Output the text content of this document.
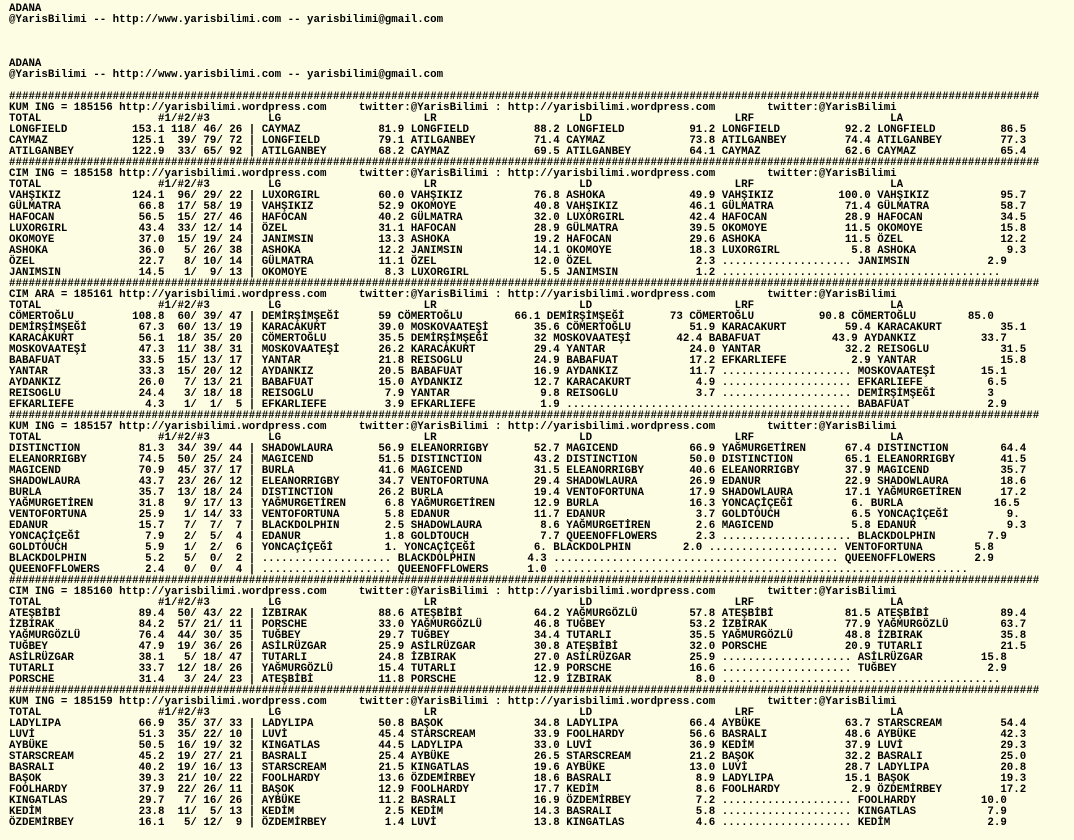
ADANA
@YarisBilimi -- http://www.yarisbilimi.com -- yarisbilimi@gmail.com
ADANA
@YarisBilimi -- http://www.yarisbilimi.com -- yarisbilimi@gmail.com
###############################################################################################################################################################
KUM ING = 185156 http://yarisbilimi.wordpress.com     twitter:@YarisBilimi : http://yarisbilimi.wordpress.com        twitter:@YarisBilimi
TOTAL                  #1/#2/#3         LG                      LR                      LD                      LRF                     LA
LONGFIELD          153.1 118/ 46/ 26 | CAYMAZ            81.9 LONGFIELD          88.2 LONGFIELD          91.2 LONGFIELD          92.2 LONGFIELD          86.5
CAYMAZ             125.1  39/ 79/ 72 | LONGFIELD         79.1 ATILGANBEY         71.4 CAYMAZ             73.8 ATILGANBEY         74.4 ATILGANBEY         77.3
ATILGANBEY         122.9  33/ 65/ 92 | ATILGANBEY        68.2 CAYMAZ             69.5 ATILGANBEY         64.1 CAYMAZ             62.6 CAYMAZ             65.4
###############################################################################################################################################################
CIM ING = 185158 http://yarisbilimi.wordpress.com     twitter:@YarisBilimi : http://yarisbilimi.wordpress.com        twitter:@YarisBilimi
TOTAL                  #1/#2/#3         LG                      LR                      LD                      LRF                     LA
VAHŞIKIZ           124.1  96/ 29/ 22 | LUXORGIRL         60.0 VAHŞIKIZ           76.8 ASHOKA             49.9 VAHŞIKIZ          100.0 VAHŞIKIZ           95.7
GÜLMATRA            66.8  17/ 58/ 19 | VAHŞIKIZ          52.9 OKOMOYE            40.8 VAHŞIKIZ           46.1 GÜLMATRA           71.4 GÜLMATRA           58.7
HAFOCAN             56.5  15/ 27/ 46 | HAFOCAN           40.2 GÜLMATRA           32.0 LUXORGIRL          42.4 HAFOCAN            28.9 HAFOCAN            34.5
LUXORGIRL           43.4  33/ 12/ 14 | ÖZEL              31.1 HAFOCAN            28.9 GÜLMATRA           39.5 OKOMOYE            11.5 OKOMOYE            15.8
OKOMOYE             37.0  15/ 19/ 24 | JANIMSIN          13.3 ASHOKA             19.2 HAFOCAN            29.6 ASHOKA             11.5 ÖZEL               12.2
ASHOKA              36.0   5/ 26/ 38 | ASHOKA            12.2 JANIMSIN           14.1 OKOMOYE            18.3 LUXORGIRL           5.8 ASHOKA              9.3
ÖZEL                22.7   8/ 10/ 14 | GÜLMATRA          11.1 ÖZEL               12.0 ÖZEL                2.3 .................... JANIMSIN            2.9
JANIMSIN            14.5   1/  9/ 13 | OKOMOYE            8.3 LUXORGIRL           5.5 JANIMSIN            1.2 ...........................................
###############################################################################################################################################################
CIM ARA = 185161 http://yarisbilimi.wordpress.com     twitter:@YarisBilimi : http://yarisbilimi.wordpress.com        twitter:@YarisBilimi
TOTAL                  #1/#2/#3         LG                      LR                      LD                      LRF                     LA
CÖMERTOĞLU         108.8  60/ 39/ 47 | DEMİRŞİMŞEĞİ      59 CÖMERTOĞLU        66.1 DEMİRŞİMŞEĞİ       73 CÖMERTOĞLU          90.8 CÖMERTOĞLU        85.0
DEMİRŞİMŞEĞİ        67.3  60/ 13/ 19 | KARACAKURT        39.0 MOSKOVAATEŞİ       35.6 CÖMERTOĞLU         51.9 KARACAKURT         59.4 KARACAKURT         35.1
KARACAKURT          56.1  18/ 35/ 20 | CÖMERTOĞLU        35.5 DEMİRŞİMŞEĞİ       32 MOSKOVAATEŞİ       42.4 BABAFUAT           43.9 AYDANKIZ          33.7
MOSKOVAATEŞİ        47.3  11/ 38/ 31 | MOSKOVAATEŞİ      26.2 KARACAKURT         29.4 YANTAR             24.0 YANTAR             32.2 REISOGLU           31.5
BABAFUAT            33.5  15/ 13/ 17 | YANTAR            21.8 REISOGLU           24.9 BABAFUAT           17.2 EFKARLIEFE          2.9 YANTAR             15.8
YANTAR              33.3  15/ 20/ 12 | AYDANKIZ          20.5 BABAFUAT           16.9 AYDANKIZ           11.7 .................... MOSKOVAATEŞİ       15.1
AYDANKIZ            26.0   7/ 13/ 21 | BABAFUAT          15.0 AYDANKIZ           12.7 KARACAKURT          4.9 .................... EFKARLIEFE          6.5
REISOGLU            24.4   3/ 18/ 18 | REISOGLU           7.9 YANTAR              9.8 REISOGLU            3.7 .................... DEMİRŞİMŞEĞİ        3
EFKARLIEFE           4.3   1/  1/  5 | EFKARLIEFE         3.9 EFKARLIEFE          1.9 ............................................ BABAFUAT            2.9
###############################################################################################################################################################
KUM ING = 185157 http://yarisbilimi.wordpress.com     twitter:@YarisBilimi : http://yarisbilimi.wordpress.com        twitter:@YarisBilimi
TOTAL                  #1/#2/#3         LG                      LR                      LD                      LRF                     LA
DISTINCTION         81.3  34/ 39/ 44 | SHADOWLAURA       56.9 ELEANORRIGBY       52.7 MAGICEND           66.9 YAĞMURGETİREN      67.4 DISTINCTION        64.4
ELEANORRIGBY        74.5  50/ 25/ 24 | MAGICEND          51.5 DISTINCTION        43.2 DISTINCTION        50.0 DISTINCTION        65.1 ELEANORRIGBY       41.5
MAGICEND            70.9  45/ 37/ 17 | BURLA             41.6 MAGICEND           31.5 ELEANORRIGBY       40.6 ELEANORRIGBY       37.9 MAGICEND           35.7
SHADOWLAURA         43.7  23/ 26/ 12 | ELEANORRIGBY      34.7 VENTOFORTUNA       29.4 SHADOWLAURA        26.9 EDANUR             22.9 SHADOWLAURA        18.6
BURLA               35.7  13/ 18/ 24 | DISTINCTION       26.2 BURLA              19.4 VENTOFORTUNA       17.9 SHADOWLAURA        17.1 YAĞMURGETİREN      17.2
YAĞMURGETİREN       31.8   9/ 17/ 13 | YAĞMURGETİREN      6.8 YAĞMURGETİREN      12.9 BURLA              16.3 YONCAÇİÇEĞİ         6. BURLA              16.5
VENTOFORTUNA        25.9   1/ 14/ 33 | VENTOFORTUNA       5.8 EDANUR             11.7 EDANUR              3.7 GOLDTOUCH           6.5 YONCAÇİÇEĞİ         9.
EDANUR              15.7   7/  7/  7 | BLACKDOLPHIN       2.5 SHADOWLAURA         8.6 YAĞMURGETİREN       2.6 MAGICEND            5.8 EDANUR              9.3
YONCAÇİÇEĞİ          7.9   2/  5/  4 | EDANUR             1.8 GOLDTOUCH           7.7 QUEENOFFLOWERS      2.3 .................... BLACKDOLPHIN        7.9
GOLDTOUCH            5.9   1/  2/  6 | YONCAÇİÇEĞİ        1. YONCAÇİÇEĞİ         6. BLACKDOLPHIN        2.0 .................... VENTOFORTUNA        5.8
BLACKDOLPHIN         5.2   5/  0/  2 | .................... BLACKDOLPHIN        4.3 ............................................ QUEENOFFLOWERS      2.9
QUEENOFFLOWERS       2.4   0/  0/  4 | .................... QUEENOFFLOWERS      1.0 ................................................................
###############################################################################################################################################################
CIM ING = 185160 http://yarisbilimi.wordpress.com     twitter:@YarisBilimi : http://yarisbilimi.wordpress.com        twitter:@YarisBilimi
TOTAL                  #1/#2/#3         LG                      LR                      LD                      LRF                     LA
ATEŞBİBİ            89.4  50/ 43/ 22 | İZBIRAK           88.6 ATEŞBİBİ           64.2 YAĞMURGÖZLÜ        57.8 ATEŞBİBİ           81.5 ATEŞBİBİ           89.4
İZBIRAK             84.2  57/ 21/ 11 | PORSCHE           33.0 YAĞMURGÖZLÜ        46.8 TUĞBEY             53.2 İZBIRAK            77.9 YAĞMURGÖZLÜ        63.7
YAĞMURGÖZLÜ         76.4  44/ 30/ 35 | TUĞBEY            29.7 TUĞBEY             34.4 TUTARLI            35.5 YAĞMURGÖZLÜ        48.8 İZBIRAK            35.8
TUĞBEY              47.9  19/ 36/ 26 | ASİLRÜZGAR        25.9 ASİLRÜZGAR         30.8 ATEŞBİBİ           32.0 PORSCHE            20.9 TUTARLI            21.5
ASİLRÜZGAR          38.1   5/ 18/ 47 | TUTARLI           24.8 İZBIRAK            27.0 ASİLRÜZGAR         25.9 .................... ASİLRÜZGAR         15.8
TUTARLI             33.7  12/ 18/ 26 | YAĞMURGÖZLÜ       15.4 TUTARLI            12.9 PORSCHE            16.6 .................... TUĞBEY              2.9
PORSCHE             31.4   3/ 24/ 23 | ATEŞBİBİ          11.8 PORSCHE            12.9 İZBIRAK             8.0 ...........................................
###############################################################################################################################################################
KUM ING = 185159 http://yarisbilimi.wordpress.com     twitter:@YarisBilimi : http://yarisbilimi.wordpress.com        twitter:@YarisBilimi
TOTAL                  #1/#2/#3         LG                      LR                      LD                      LRF                     LA
LADYLIPA            66.9  35/ 37/ 33 | LADYLIPA          50.8 BAŞOK              34.8 LADYLIPA           66.4 AYBÜKE             63.7 STARSCREAM         54.4
LUVİ                51.3  35/ 22/ 10 | LUVİ              45.4 STARSCREAM         33.9 FOOLHARDY          56.6 BASRALI            48.6 AYBÜKE             42.3
AYBÜKE              50.5  16/ 19/ 32 | KINGATLAS         44.5 LADYLIPA           33.0 LUVİ               36.9 KEDİM              37.9 LUVİ               29.3
STARSCREAM          45.2  19/ 27/ 21 | BASRALI           25.4 AYBÜKE             26.5 STARSCREAM         21.2 BAŞOK              32.2 BASRALI            25.0
BASRALI             40.2  19/ 16/ 13 | STARSCREAM        21.5 KINGATLAS          19.6 AYBÜKE             13.0 LUVİ               28.7 LADYLIPA           20.8
BAŞOK               39.3  21/ 10/ 22 | FOOLHARDY         13.6 ÖZDEMİRBEY         18.6 BASRALI             8.9 LADYLIPA           15.1 BAŞOK              19.3
FOOLHARDY           37.9  22/ 26/ 11 | BAŞOK             12.9 FOOLHARDY          17.7 KEDİM               8.6 FOOLHARDY           2.9 ÖZDEMİRBEY         17.2
KINGATLAS           29.7   7/ 16/ 26 | AYBÜKE            11.2 BASRALI            16.9 ÖZDEMİRBEY          7.2 .................... FOOLHARDY          10.0
KEDİM               23.8  11/  5/ 13 | KEDİM              2.5 KEDİM              14.3 BASRALI             5.8 .................... KINGATLAS           7.9
ÖZDEMİRBEY          16.1   5/ 12/  9 | ÖZDEMİRBEY         1.4 LUVİ               13.8 KINGATLAS           4.6 .................... KEDİM               2.9
